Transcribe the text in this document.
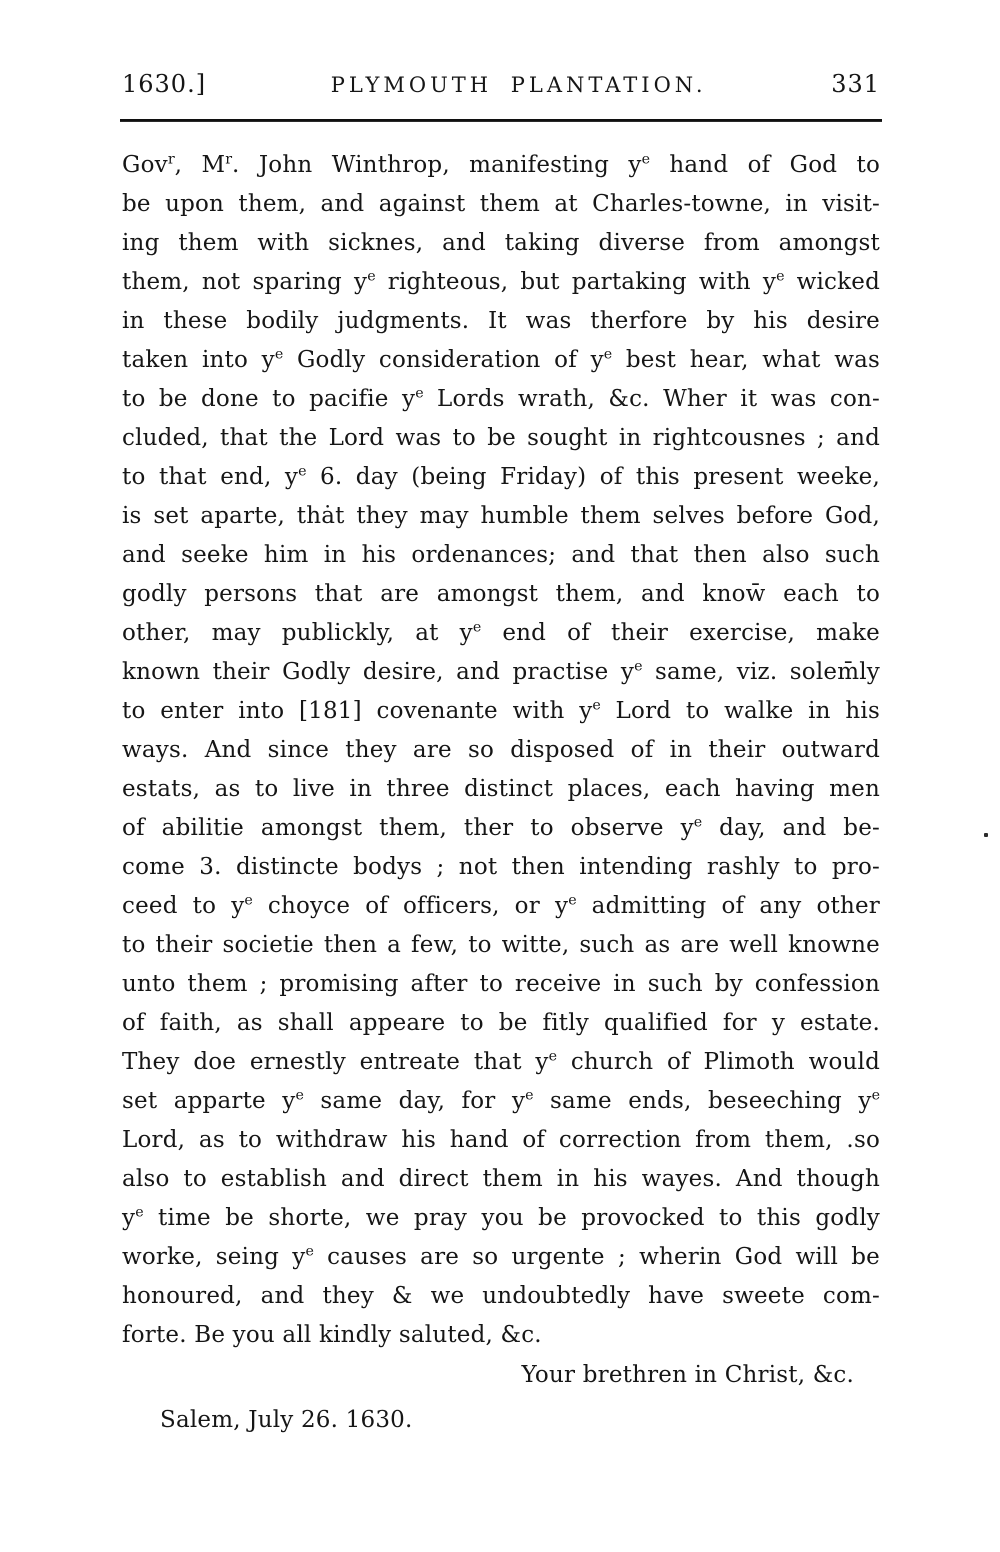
1630.]	PLYMOUTH PLANTATION.	331
Gov$^r$, $M^r$. John Winthrop, manifesting $y^e$ hand of God to
be upon them, and against them at Charles-towne, in visit-
ing them with sicknes, and taking diverse from amongst
them, not sparing $y^e$ righteous, but partaking with $y^e$ wicked
in these bodily judgments. It was therfore by his desire
taken into $y^e$ Godly consideration of $y^e$ best hear, what was
to be done to pacifie $y^e$ Lords wrath, &c. Wher it was con-
cluded, that the Lord was to be sought in rightcousnes ; and
to that end, $y^e$ 6. day (being Friday) of this present weeke,
is set aparte, thȧt they may humble them selves before God,
and seeke him in his ordenances; and that then also such
godly persons that are amongst them, and know̄ each to
other, may publickly, at $y^e$ end of their exercise, make
known their Godly desire, and practise $y^e$ same, viz. solem̄ly
to enter into [181] covenante with $y^e$ Lord to walke in his
ways. And since they are so disposed of in their outward
estats, as to live in three distinct places, each having men
of abilitie amongst them, ther to observe $y^e$ day, and be-
come 3. distincte bodys ; not then intending rashly to pro-
ceed to $y^e$ choyce of officers, or $y^e$ admitting of any other
to their societie then a few, to witte, such as are well knowne
unto them ; promising after to receive in such by confession
of faith, as shall appeare to be fitly qualified for y estate.
They doe ernestly entreate that $y^e$ church of Plimoth would
set apparte $y^e$ same day, for $y^e$ same ends, beseeching $y^e$
Lord, as to withdraw his hand of correction from them, .so
also to establish and direct them in his wayes. And though
$y^e$ time be shorte, we pray you be provocked to this godly
worke, seing $y^e$ causes are so urgente ; wherin God will be
honoured, and they & we undoubtedly have sweete com-
forte. Be you all kindly saluted, &c.
Your brethren in Christ, &c.
Salem, July 26. 1630.
